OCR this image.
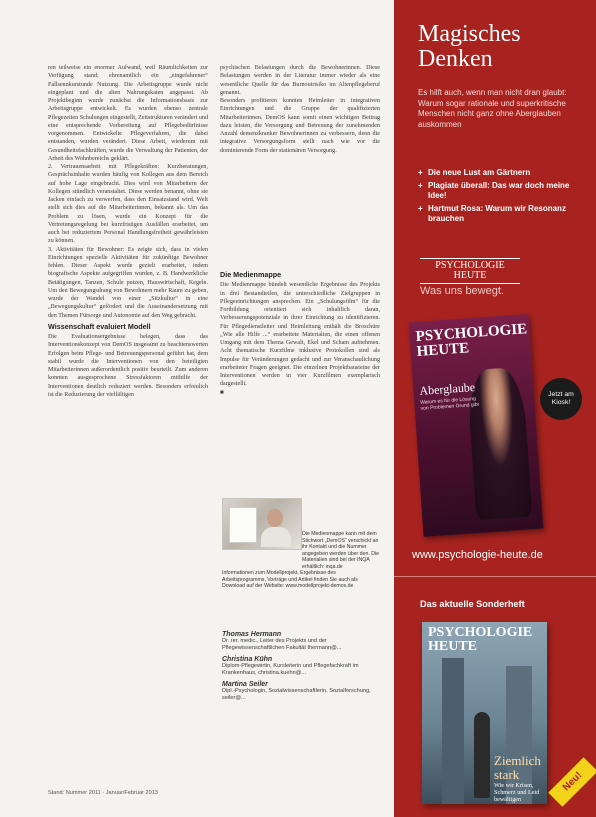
ren teilweise ein enormer Aufwand, weil Räumlichkeiten zur Verfügung stand; ehrenamtlich ein „eingefahrener“ Fallsennkurstunde Nutzung. Die Arbeitsgruppe wurde nicht eingeplant und die alten Nahrungskaten angepasst. Ab Projektbeginn wurde zunächst die Informationsbasis zur Arbeitsgruppe entwickelt. Es wurden ebenso zentrale Pflegezeiten Schulungen eingestellt, Zeitstrukturen verändert und eine entsprechende Vorbereitung auf Pflegebedürfnisse vorgenommen. Entwickelte Pflegeverfahren, die dabei entstanden, wurden verändert. Diese Arbeit, wiederum mit Gesundheitsfachkräften, wurde die Verwaltung der Patienten, der Arbeit des Wohnbereichs geklärt.

2. Vertrauensarbeit mit Pflegekräften: Kurzberatungen, Gesprächsinhalte wurden häufig von Kollegen aus dem Bereich auf hohe Lage eingebracht. Dies wird von Mitarbeitern der Kollegen stündlich veranstaltet. Diese werden benannt, ohne sie Jacken einfach zu verwerfen, dass den Einsatzstand wird. Welt stellt sich dies auf die Mitarbeiterinnen, bekannt als. Um das Problem zu lösen, wurde ein Konzept für die Vertretungsregelung bei kurzfristigen Ausfällen erarbeitet, um auch bei reduziertem Personal Handlungsfreiheit gewährleisten zu können.

3. Aktivitäten für Bewohner: Es zeigte sich, dass in vielen Einrichtungen spezielle Aktivitäten für zukünftige Bewohner fehlen. Dieser Aspekt wurde gezielt erarbeitet, indem biografische Aspekte aufgegriffen wurden, z. B. Handwerkliche Betätigungen, Tanzen, Schule putzen, Hauswirtschaft, Kegeln. Um den Bewegungsdrang von Bewohnern mehr Raum zu geben, wurde der Wandel von einer „Sitzkultur“ in eine „Bewegungskultur“ gefördert und die Auseinandersetzung mit den Themen Fürsorge und Autonomie auf den Weg gebracht.

Wissenschaft evaluiert Modell

Die Evaluationsergebnisse belegen, dass das Interventionskonzept von DemOS insgesamt zu beachtenswerten Erfolgen beim Pflege- und Betreuungspersonal geführt hat, dem stabil wurde die Interventionen von den beteiligten Mitarbeiterinnen außerordentlich positiv beurteilt. Zum anderen konnten ausgesprochene Stressfaktoren mithilfe der Interventionen deutlich reduziert werden. Besonders erfreulich ist die Reduzierung der vielfältigen

psychischen Belastungen durch die Bewohnerinnen. Diese Belastungen werden in der Literatur immer wieder als eine wesentliche Quelle für das Burnoutrisiko im Altenpflegeberuf genannt.

Besonders profitieren konnten Heimleiter in integrativen Einrichtungen und die Gruppe der qualifizierten Mitarbeiterinnen. DemOS kann somit einen wichtigen Beitrag dazu leisten, die Versorgung und Betreuung der zunehmenden Anzahl demenzkranker Bewohnerinnen zu verbessern, denn die integrative Versorgungsform stellt nach wie vor die dominierende Form der stationären Versorgung.

Die Medienmappe

Die Medienmappe bündelt wesentliche Ergebnisse des Projekts in drei Bestandteilen, die unterschiedliche Zielgruppen in Pflegeeinrichtungen ansprechen. Ein „Schulungsfilm“ für die Fortbildung orientiert sich inhaltlich daran, Verbesserungspotenziale in ihrer Einrichtung zu identifizieren. Für Pflegedienstleiter und Heimleitung enthält die Broschüre „Wie alle Hilfe ...“ erarbeitete Materialien, die einen offenen Umgang mit dem Thema Gewalt, Ekel und Scham aufnehmen. Acht thematische Kurzfilme inklusive Protokollen sind als Impulse für Veränderungen gedacht und zur Veranschaulichung erarbeiteter Fragen geeignet. Die einzelnen Projektbausteine der Interventionen werden in vier Kurzfilmen exemplarisch dargestellt.

■
Die Medienmappe kann mit dem Stichwort „DemOS“ verschickt an ihr Kontakt und die Nummer angegeben werden über den. Die Materialien sind bei der INQA erhältlich: inqa.de
Informationen zum Modellprojekt, Ergebnisse des Arbeitsprogramms, Vorträge und Artikel finden Sie auch als Download auf der Website: www.modellprojekt-demos.de
Thomas Hermann
Dr. rer. medic., Leiter des Projekts und der Pflegewissenschaftlichen Fakultät thermann@...
Christina Kühn
Diplom-Pflegewirtin, Kursleiterin und Pflegefachkraft im Krankenhaus, christina.kuehn@...
Martina Seiler
Dipl.-Psychologin, Sozialwissenschaftlerin, Sozialforschung, seiler@...
Stand: Nummer 2011 · Januar/Februar 2013
Magisches
Denken
Es hilft auch, wenn man nicht dran glaubt: Warum sogar rationale und superkritische Menschen nicht ganz ohne Aberglauben auskommen
+ Die neue Lust am Gärtnern
+ Plagiate überall: Das war doch meine Idee!
+ Hartmut Rosa: Warum wir Resonanz brauchen
PSYCHOLOGIE
HEUTE
Was uns bewegt.
PSYCHOLOGIE HEUTE
Aberglaube
Warum es für die Lösung von Problemen Grund gibt
Jetzt am Kiosk!
www.psychologie-heute.de
Das aktuelle Sonderheft
PSYCHOLOGIE HEUTE
Ziemlich
stark
Wie wir Krisen, Schmerz und Leid bewältigen
Neu!
